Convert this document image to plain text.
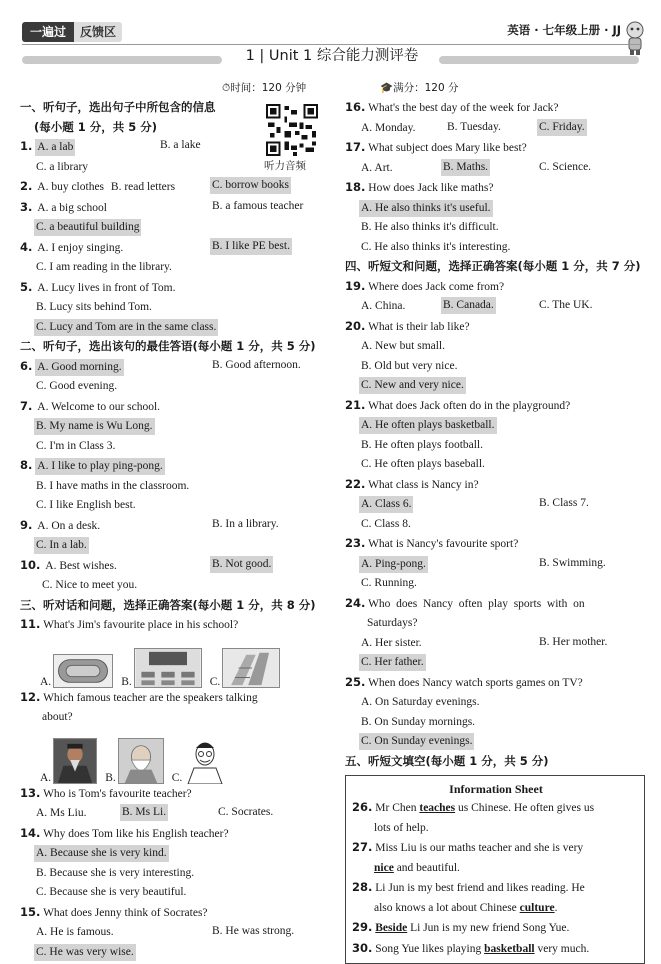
一遍过	反馈区	英语 · 七年级上册 · JJ
1 | Unit 1 综合能力测评卷
⏱时间：120 分钟	🎓满分：120 分
听力音频
一、听句子，选出句子中所包含的信息
(每小题 1 分，共 5 分)
1. A. a lab	B. a lake
C. a library
2. A. buy clothes B. read letters	C. borrow books
3. A. a big school	B. a famous teacher
C. a beautiful building
4. A. I enjoy singing.	B. I like PE best.
C. I am reading in the library.
5. A. Lucy lives in front of Tom.
B. Lucy sits behind Tom.
C. Lucy and Tom are in the same class.
二、听句子，选出该句的最佳答语(每小题 1 分，共 5 分)
6. A. Good morning.	B. Good afternoon.
C. Good evening.
7. A. Welcome to our school.
B. My name is Wu Long.
C. I'm in Class 3.
8. A. I like to play ping-pong.
B. I have maths in the classroom.
C. I like English best.
9. A. On a desk.	B. In a library.
C. In a lab.
10. A. Best wishes.	B. Not good.
C. Nice to meet you.
三、听对话和问题，选择正确答案(每小题 1 分，共 8 分)
11. What's Jim's favourite place in his school?
A.	B.	C.
12. Which famous teacher are the speakers talking
about?
A.	B.	C.
13. Who is Tom's favourite teacher?
A. Ms Liu.	B. Ms Li.	C. Socrates.
14. Why does Tom like his English teacher?
A. Because she is very kind.
B. Because she is very interesting.
C. Because she is very beautiful.
15. What does Jenny think of Socrates?
A. He is famous.	B. He was strong.
C. He was very wise.
16. What's the best day of the week for Jack?
A. Monday.	B. Tuesday.	C. Friday.
17. What subject does Mary like best?
A. Art.	B. Maths.	C. Science.
18. How does Jack like maths?
A. He also thinks it's useful.
B. He also thinks it's difficult.
C. He also thinks it's interesting.
四、听短文和问题，选择正确答案(每小题 1 分，共 7 分)
19. Where does Jack come from?
A. China.	B. Canada.	C. The UK.
20. What is their lab like?
A. New but small.
B. Old but very nice.
C. New and very nice.
21. What does Jack often do in the playground?
A. He often plays basketball.
B. He often plays football.
C. He often plays baseball.
22. What class is Nancy in?
A. Class 6.	B. Class 7.
C. Class 8.
23. What is Nancy's favourite sport?
A. Ping-pong.	B. Swimming.
C. Running.
24. Who  does  Nancy  often  play  sports  with  on
Saturdays?
A. Her sister.	B. Her mother.
C. Her father.
25. When does Nancy watch sports games on TV?
A. On Saturday evenings.
B. On Sunday mornings.
C. On Sunday evenings.
五、听短文填空(每小题 1 分，共 5 分)
Information Sheet
26. Mr Chen teaches us Chinese. He often gives us
lots of help.
27. Miss Liu is our maths teacher and she is very
nice and beautiful.
28. Li Jun is my best friend and likes reading. He
also knows a lot about Chinese culture.
29. Beside Li Jun is my new friend Song Yue.
30. Song Yue likes playing basketball very much.
